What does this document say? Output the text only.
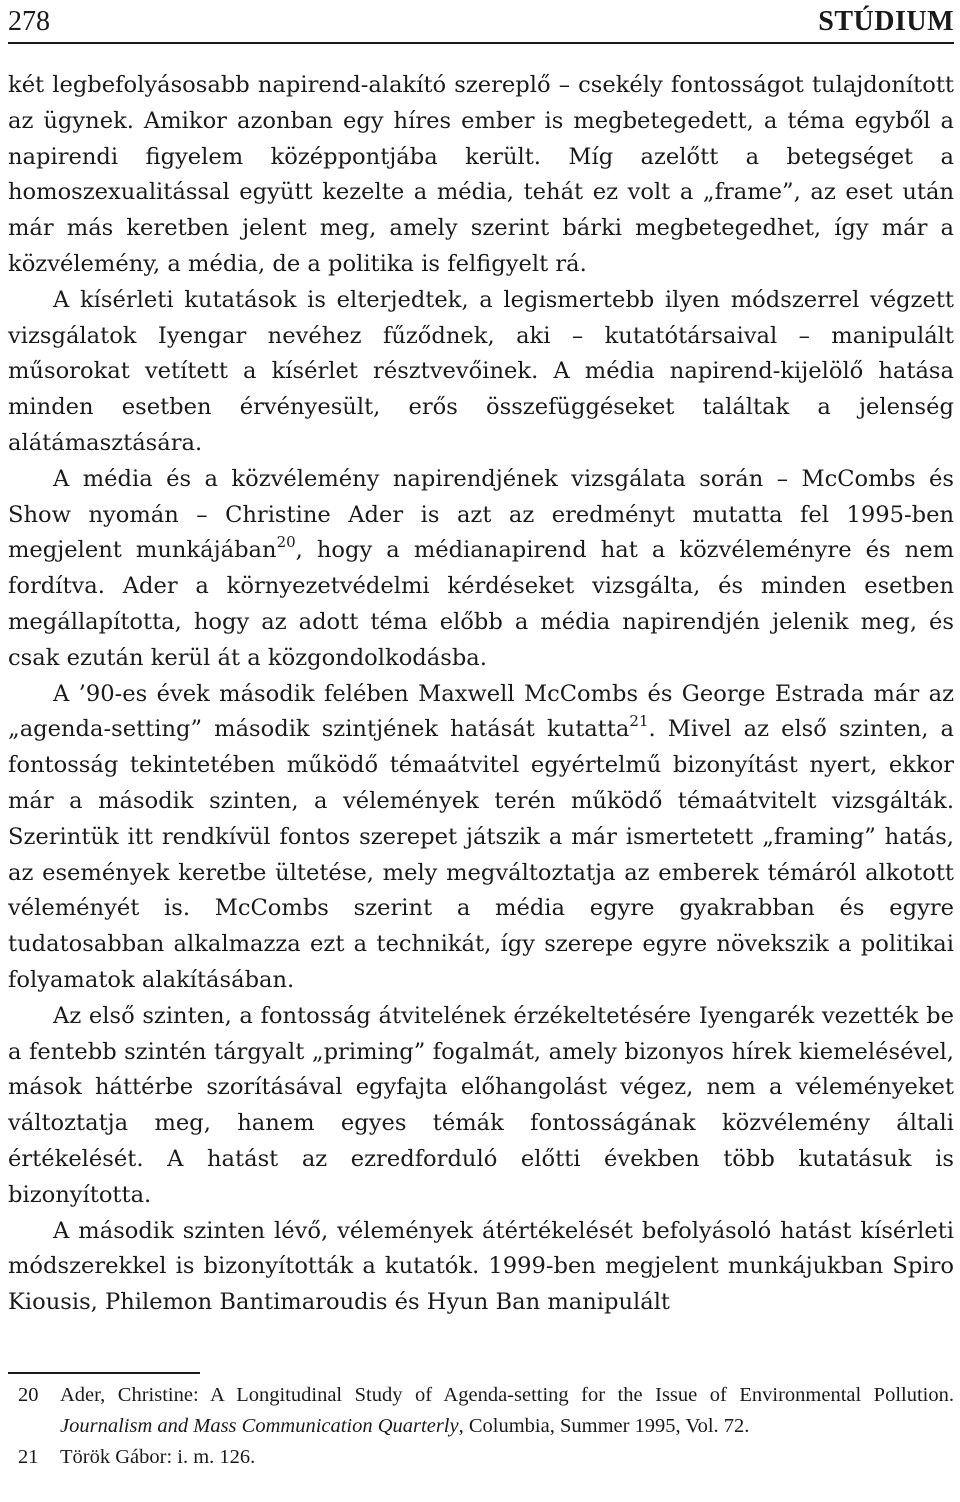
278	STÚDIUM

két legbefolyásosabb napirend-alakító szereplő – csekély fontosságot tulajdonított az ügynek. Amikor azonban egy híres ember is megbetegedett, a téma egyből a napirendi figyelem középpontjába került. Míg azelőtt a betegséget a homoszexualitással együtt kezelte a média, tehát ez volt a „frame”, az eset után már más keretben jelent meg, amely szerint bárki megbetegedhet, így már a közvélemény, a média, de a politika is felfigyelt rá.

A kísérleti kutatások is elterjedtek, a legismertebb ilyen módszerrel végzett vizsgálatok Iyengar nevéhez fűződnek, aki – kutatótársaival – manipulált műsorokat vetített a kísérlet résztvevőinek. A média napirend-kijelölő hatása minden esetben érvényesült, erős összefüggéseket találtak a jelenség alátámasztására.

A média és a közvélemény napirendjének vizsgálata során – McCombs és Show nyomán – Christine Ader is azt az eredményt mutatta fel 1995-ben megjelent munkájában$^{20}$, hogy a médianapirend hat a közvéleményre és nem fordítva. Ader a környezetvédelmi kérdéseket vizsgálta, és minden esetben megállapította, hogy az adott téma előbb a média napirendjén jelenik meg, és csak ezután kerül át a közgondolkodásba.

A ’90-es évek második felében Maxwell McCombs és George Estrada már az „agenda-setting” második szintjének hatását kutatta$^{21}$. Mivel az első szinten, a fontosság tekintetében működő témaátvitel egyértelmű bizonyítást nyert, ekkor már a második szinten, a vélemények terén működő témaátvitelt vizsgálták. Szerintük itt rendkívül fontos szerepet játszik a már ismertetett „framing” hatás, az események keretbe ültetése, mely megváltoztatja az emberek témáról alkotott véleményét is. McCombs szerint a média egyre gyakrabban és egyre tudatosabban alkalmazza ezt a technikát, így szerepe egyre növekszik a politikai folyamatok alakításában.

Az első szinten, a fontosság átvitelének érzékeltetésére Iyengarék vezették be a fentebb szintén tárgyalt „priming” fogalmát, amely bizonyos hírek kiemelésével, mások háttérbe szorításával egyfajta előhangolást végez, nem a véleményeket változtatja meg, hanem egyes témák fontosságának közvélemény általi értékelését. A hatást az ezredforduló előtti években több kutatásuk is bizonyította.

A második szinten lévő, vélemények átértékelését befolyásoló hatást kísérleti módszerekkel is bizonyították a kutatók. 1999-ben megjelent munkájukban Spiro Kiousis, Philemon Bantimaroudis és Hyun Ban manipulált

20	Ader, Christine: A Longitudinal Study of Agenda-setting for the Issue of Environmental Pollution. Journalism and Mass Communication Quarterly, Columbia, Summer 1995, Vol. 72.
21	Török Gábor: i. m. 126.
